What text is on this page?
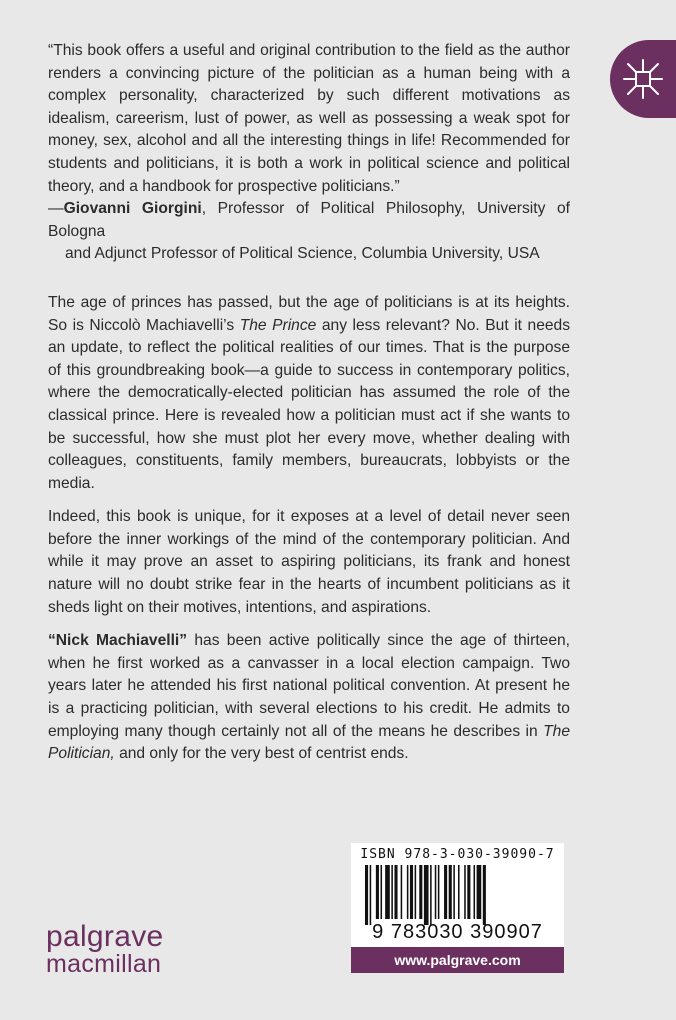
“This book offers a useful and original contribution to the field as the author renders a convincing picture of the politician as a human being with a complex personality, characterized by such different motivations as idealism, careerism, lust of power, as well as possessing a weak spot for money, sex, alcohol and all the interesting things in life! Recommended for students and politicians, it is both a work in political science and political theory, and a handbook for prospective politicians.”

—Giovanni Giorgini, Professor of Political Philosophy, University of Bologna
and Adjunct Professor of Political Science, Columbia University, USA

The age of princes has passed, but the age of politicians is at its heights. So is Niccolò Machiavelli’s The Prince any less relevant? No. But it needs an update, to reflect the political realities of our times. That is the purpose of this groundbreaking book—a guide to success in contemporary politics, where the democratically-elected politician has assumed the role of the classical prince. Here is revealed how a politician must act if she wants to be successful, how she must plot her every move, whether dealing with colleagues, constituents, family members, bureaucrats, lobbyists or the media.

Indeed, this book is unique, for it exposes at a level of detail never seen before the inner workings of the mind of the contemporary politician. And while it may prove an asset to aspiring politicians, its frank and honest nature will no doubt strike fear in the hearts of incumbent politicians as it sheds light on their motives, intentions, and aspirations.

“Nick Machiavelli” has been active politically since the age of thirteen, when he first worked as a canvasser in a local election campaign. Two years later he attended his first national political convention. At present he is a practicing politician, with several elections to his credit. He admits to employing many though certainly not all of the means he describes in The Politician, and only for the very best of centrist ends.

palgrave
macmillan
ISBN 978-3-030-39090-7
9 783030 390907
www.palgrave.com
